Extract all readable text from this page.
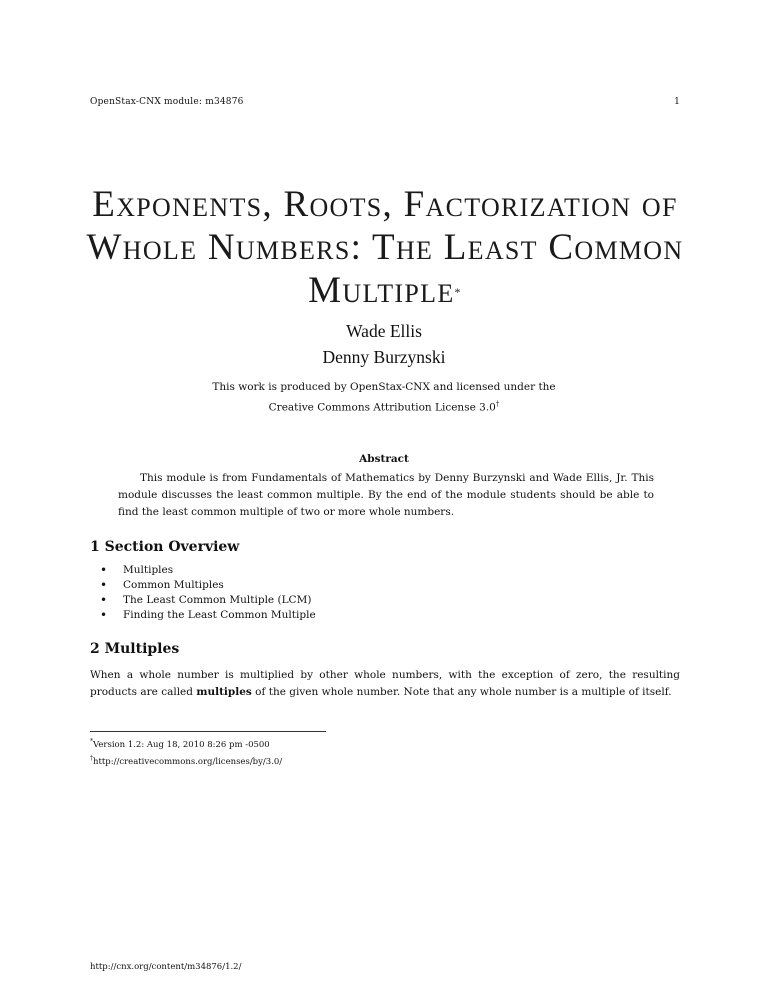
OpenStax-CNX module: m34876	1
Exponents, Roots, Factorization of
Whole Numbers: The Least Common
Multiple*
Wade Ellis
Denny Burzynski
This work is produced by OpenStax-CNX and licensed under the
Creative Commons Attribution License 3.0†
Abstract
This module is from Fundamentals of Mathematics by Denny Burzynski and Wade Ellis, Jr. This module discusses the least common multiple. By the end of the module students should be able to find the least common multiple of two or more whole numbers.
1 Section Overview
• Multiples
• Common Multiples
• The Least Common Multiple (LCM)
• Finding the Least Common Multiple
2 Multiples
When a whole number is multiplied by other whole numbers, with the exception of zero, the resulting products are called multiples of the given whole number. Note that any whole number is a multiple of itself.
*Version 1.2: Aug 18, 2010 8:26 pm -0500
†http://creativecommons.org/licenses/by/3.0/
http://cnx.org/content/m34876/1.2/
